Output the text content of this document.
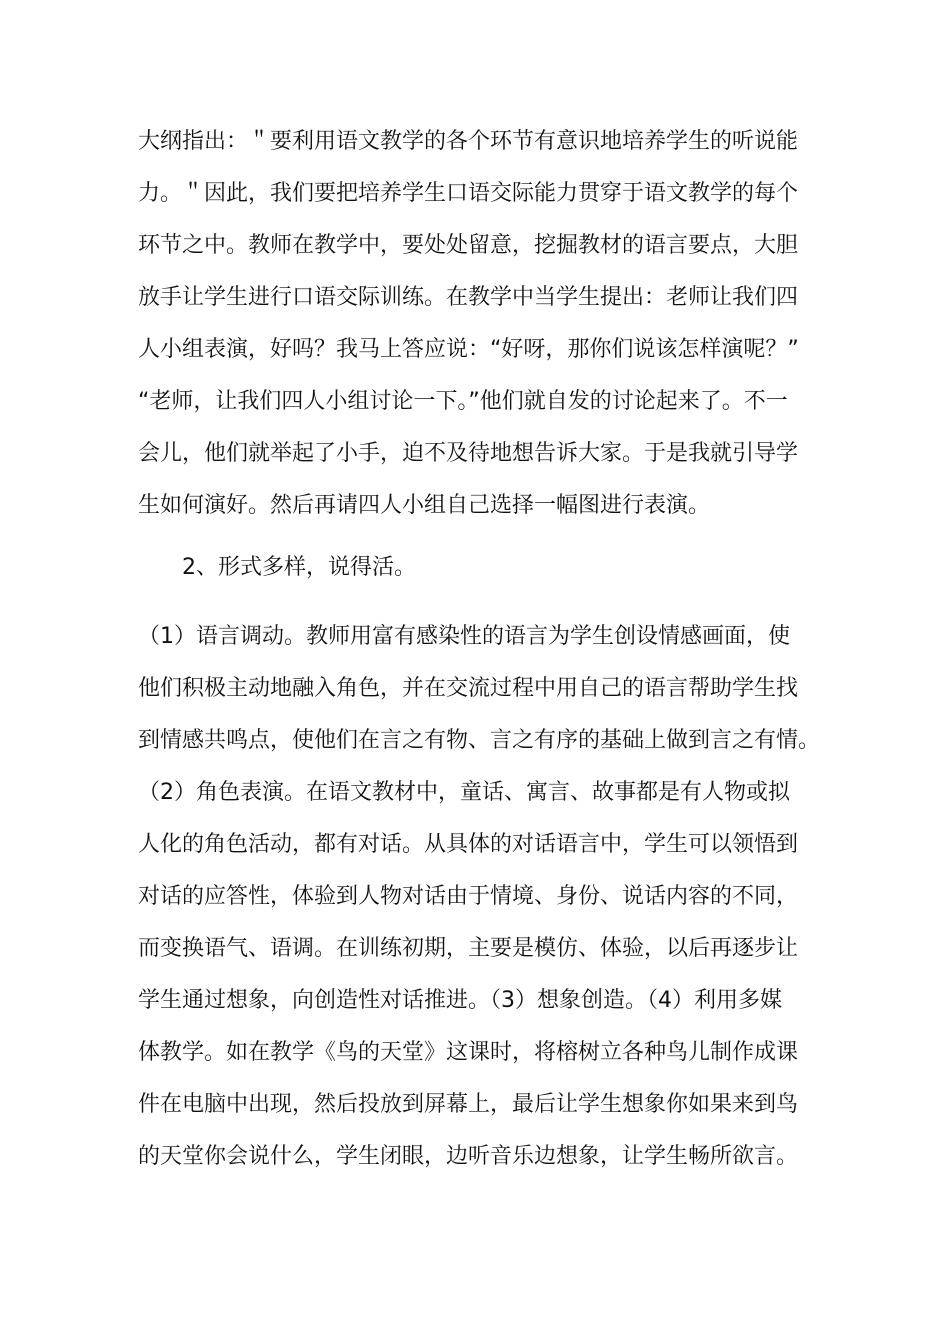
大纲指出：＂要利用语文教学的各个环节有意识地培养学生的听说能

力。＂因此，我们要把培养学生口语交际能力贯穿于语文教学的每个

环节之中。教师在教学中，要处处留意，挖掘教材的语言要点，大胆

放手让学生进行口语交际训练。在教学中当学生提出：老师让我们四

人小组表演，好吗？我马上答应说：“好呀，那你们说该怎样演呢？”

“老师，让我们四人小组讨论一下。”他们就自发的讨论起来了。不一

会儿，他们就举起了小手，迫不及待地想告诉大家。于是我就引导学

生如何演好。然后再请四人小组自己选择一幅图进行表演。

2、形式多样，说得活。

（1）语言调动。教师用富有感染性的语言为学生创设情感画面，使

他们积极主动地融入角色，并在交流过程中用自己的语言帮助学生找

到情感共鸣点，使他们在言之有物、言之有序的基础上做到言之有情。

（2）角色表演。在语文教材中，童话、寓言、故事都是有人物或拟

人化的角色活动，都有对话。从具体的对话语言中，学生可以领悟到

对话的应答性，体验到人物对话由于情境、身份、说话内容的不同，

而变换语气、语调。在训练初期，主要是模仿、体验，以后再逐步让

学生通过想象，向创造性对话推进。（3）想象创造。（4）利用多媒

体教学。如在教学《鸟的天堂》这课时，将榕树立各种鸟儿制作成课

件在电脑中出现，然后投放到屏幕上，最后让学生想象你如果来到鸟

的天堂你会说什么，学生闭眼，边听音乐边想象，让学生畅所欲言。
